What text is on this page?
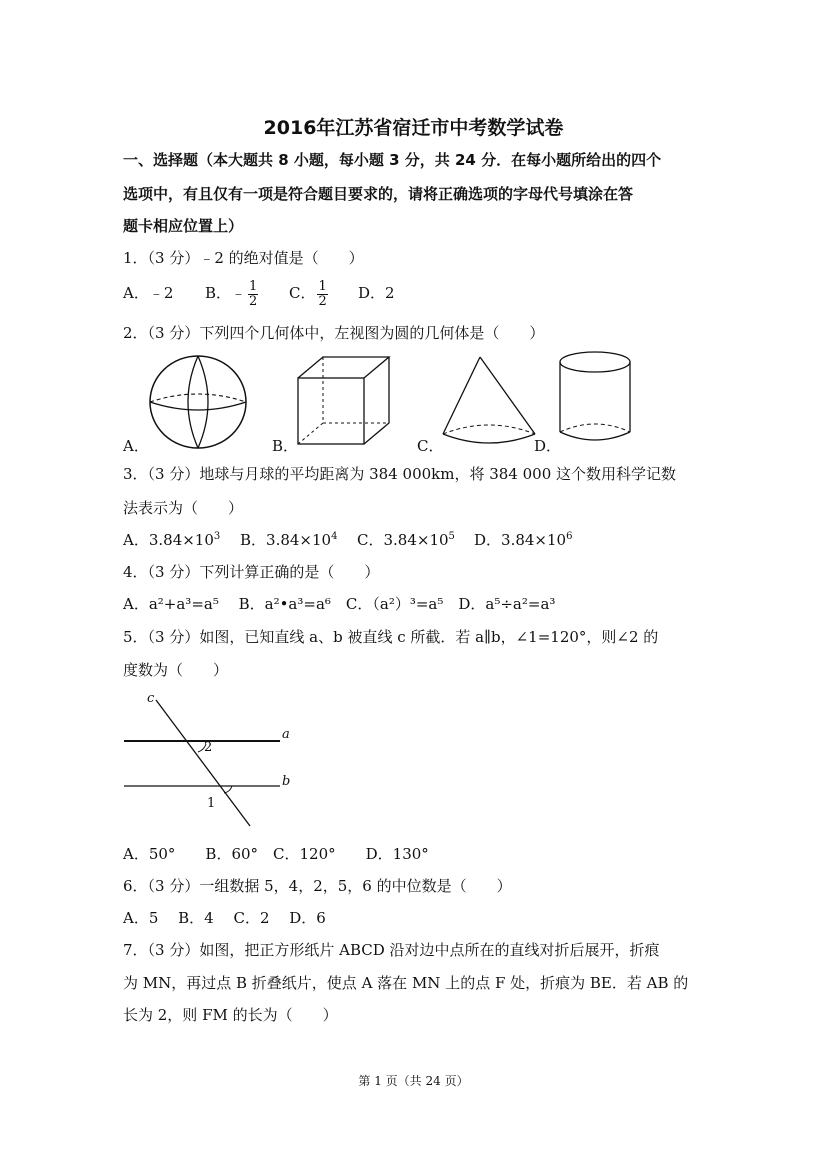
2016年江苏省宿迁市中考数学试卷
一、选择题（本大题共 8 小题，每小题 3 分，共 24 分．在每小题所给出的四个
选项中，有且仅有一项是符合题目要求的，请将正确选项的字母代号填涂在答
题卡相应位置上）
1．（3 分）﹣2 的绝对值是（　　）
A．﹣2 B．﹣ $\frac{1}{2}$ C． $\frac{1}{2}$ D．2
2．（3 分）下列四个几何体中，左视图为圆的几何体是（　　）
A．	B．	C．	D．
3．（3 分）地球与月球的平均距离为 384 000km，将 384 000 这个数用科学记数
法表示为（　　）
A．$3.84\times 10^3$ B．$3.84\times 10^4$ C．$3.84\times 10^5$ D．$3.84\times 10^6$
4．（3 分）下列计算正确的是（　　）
A．a²+a³=a⁵　 B．a²•a³=a⁶　C．（a²）³=a⁵　D．a⁵÷a²=a³
5．（3 分）如图，已知直线 a、b 被直线 c 所截．若 a∥b，∠1=120°，则∠2 的
度数为（　　）
c
a
b
2
1
A．50°　　B．60°　C．120°　　D．130°
6．（3 分）一组数据 5，4，2，5，6 的中位数是（　　）
A．5　 B．4　 C．2　 D．6
7．（3 分）如图，把正方形纸片 ABCD 沿对边中点所在的直线对折后展开，折痕
为 MN，再过点 B 折叠纸片，使点 A 落在 MN 上的点 F 处，折痕为 BE．若 AB 的
长为 2，则 FM 的长为（　　）
第 1 页（共 24 页）
